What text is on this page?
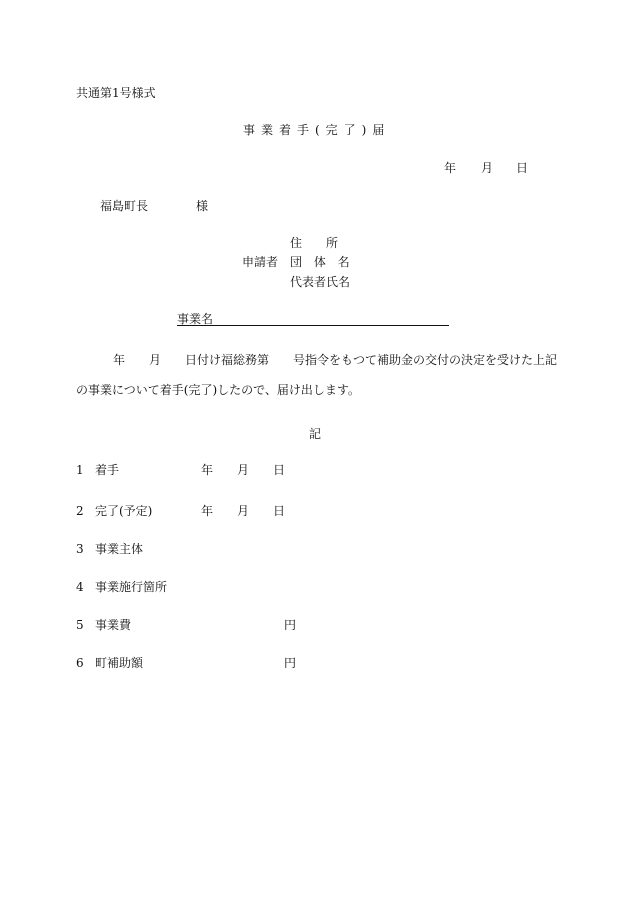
共通第1号様式
事業着手(完了)届
年 月 日
福島町長	様
住　　所
申請者 団 体 名
代表者氏名
事業名
年　　月　　日付け福総務第　　号指令をもつて補助金の交付の決定を受けた上記
の事業について着手(完了)したので、届け出します。
記
1 着手	年 月 日
2 完了(予定)	年 月 日
3 事業主体
4 事業施行箇所
5 事業費	円
6 町補助額	円
